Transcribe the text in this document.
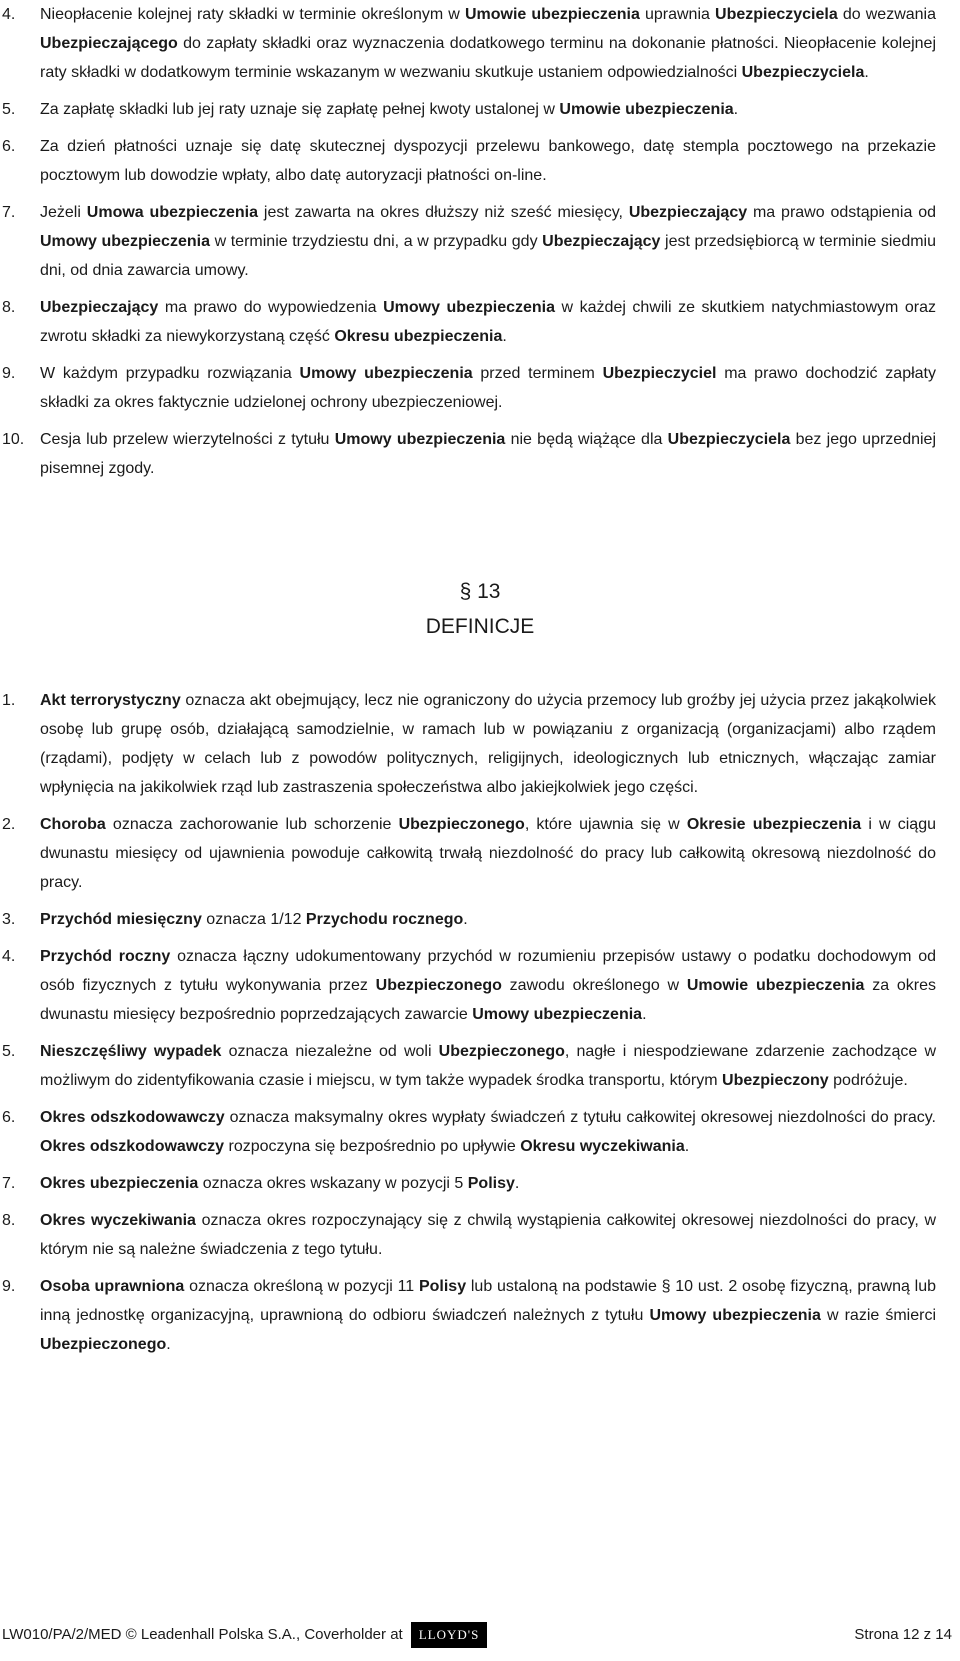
4. Nieopłacenie kolejnej raty składki w terminie określonym w Umowie ubezpieczenia uprawnia Ubezpieczyciela do wezwania Ubezpieczającego do zapłaty składki oraz wyznaczenia dodatkowego terminu na dokonanie płatności. Nieopłacenie kolejnej raty składki w dodatkowym terminie wskazanym w wezwaniu skutkuje ustaniem odpowiedzialności Ubezpieczyciela.
5. Za zapłatę składki lub jej raty uznaje się zapłatę pełnej kwoty ustalonej w Umowie ubezpieczenia.
6. Za dzień płatności uznaje się datę skutecznej dyspozycji przelewu bankowego, datę stempla pocztowego na przekazie pocztowym lub dowodzie wpłaty, albo datę autoryzacji płatności on-line.
7. Jeżeli Umowa ubezpieczenia jest zawarta na okres dłuższy niż sześć miesięcy, Ubezpieczający ma prawo odstąpienia od Umowy ubezpieczenia w terminie trzydziestu dni, a w przypadku gdy Ubezpieczający jest przedsiębiorcą w terminie siedmiu dni, od dnia zawarcia umowy.
8. Ubezpieczający ma prawo do wypowiedzenia Umowy ubezpieczenia w każdej chwili ze skutkiem natychmiastowym oraz zwrotu składki za niewykorzystaną część Okresu ubezpieczenia.
9. W każdym przypadku rozwiązania Umowy ubezpieczenia przed terminem Ubezpieczyciel ma prawo dochodzić zapłaty składki za okres faktycznie udzielonej ochrony ubezpieczeniowej.
10. Cesja lub przelew wierzytelności z tytułu Umowy ubezpieczenia nie będą wiążące dla Ubezpieczyciela bez jego uprzedniej pisemnej zgody.
§ 13
DEFINICJE
1. Akt terrorystyczny oznacza akt obejmujący, lecz nie ograniczony do użycia przemocy lub groźby jej użycia przez jakąkolwiek osobę lub grupę osób, działającą samodzielnie, w ramach lub w powiązaniu z organizacją (organizacjami) albo rządem (rządami), podjęty w celach lub z powodów politycznych, religijnych, ideologicznych lub etnicznych, włączając zamiar wpłynięcia na jakikolwiek rząd lub zastraszenia społeczeństwa albo jakiejkolwiek jego części.
2. Choroba oznacza zachorowanie lub schorzenie Ubezpieczonego, które ujawnia się w Okresie ubezpieczenia i w ciągu dwunastu miesięcy od ujawnienia powoduje całkowitą trwałą niezdolność do pracy lub całkowitą okresową niezdolność do pracy.
3. Przychód miesięczny oznacza 1/12 Przychodu rocznego.
4. Przychód roczny oznacza łączny udokumentowany przychód w rozumieniu przepisów ustawy o podatku dochodowym od osób fizycznych z tytułu wykonywania przez Ubezpieczonego zawodu określonego w Umowie ubezpieczenia za okres dwunastu miesięcy bezpośrednio poprzedzających zawarcie Umowy ubezpieczenia.
5. Nieszczęśliwy wypadek oznacza niezależne od woli Ubezpieczonego, nagłe i niespodziewane zdarzenie zachodzące w możliwym do zidentyfikowania czasie i miejscu, w tym także wypadek środka transportu, którym Ubezpieczony podróżuje.
6. Okres odszkodowawczy oznacza maksymalny okres wypłaty świadczeń z tytułu całkowitej okresowej niezdolności do pracy. Okres odszkodowawczy rozpoczyna się bezpośrednio po upływie Okresu wyczekiwania.
7. Okres ubezpieczenia oznacza okres wskazany w pozycji 5 Polisy.
8. Okres wyczekiwania oznacza okres rozpoczynający się z chwilą wystąpienia całkowitej okresowej niezdolności do pracy, w którym nie są należne świadczenia z tego tytułu.
9. Osoba uprawniona oznacza określoną w pozycji 11 Polisy lub ustaloną na podstawie § 10 ust. 2 osobę fizyczną, prawną lub inną jednostkę organizacyjną, uprawnioną do odbioru świadczeń należnych z tytułu Umowy ubezpieczenia w razie śmierci Ubezpieczonego.
LW010/PA/2/MED © Leadenhall Polska S.A., Coverholder at	LLOYD'S	Strona 12 z 14
